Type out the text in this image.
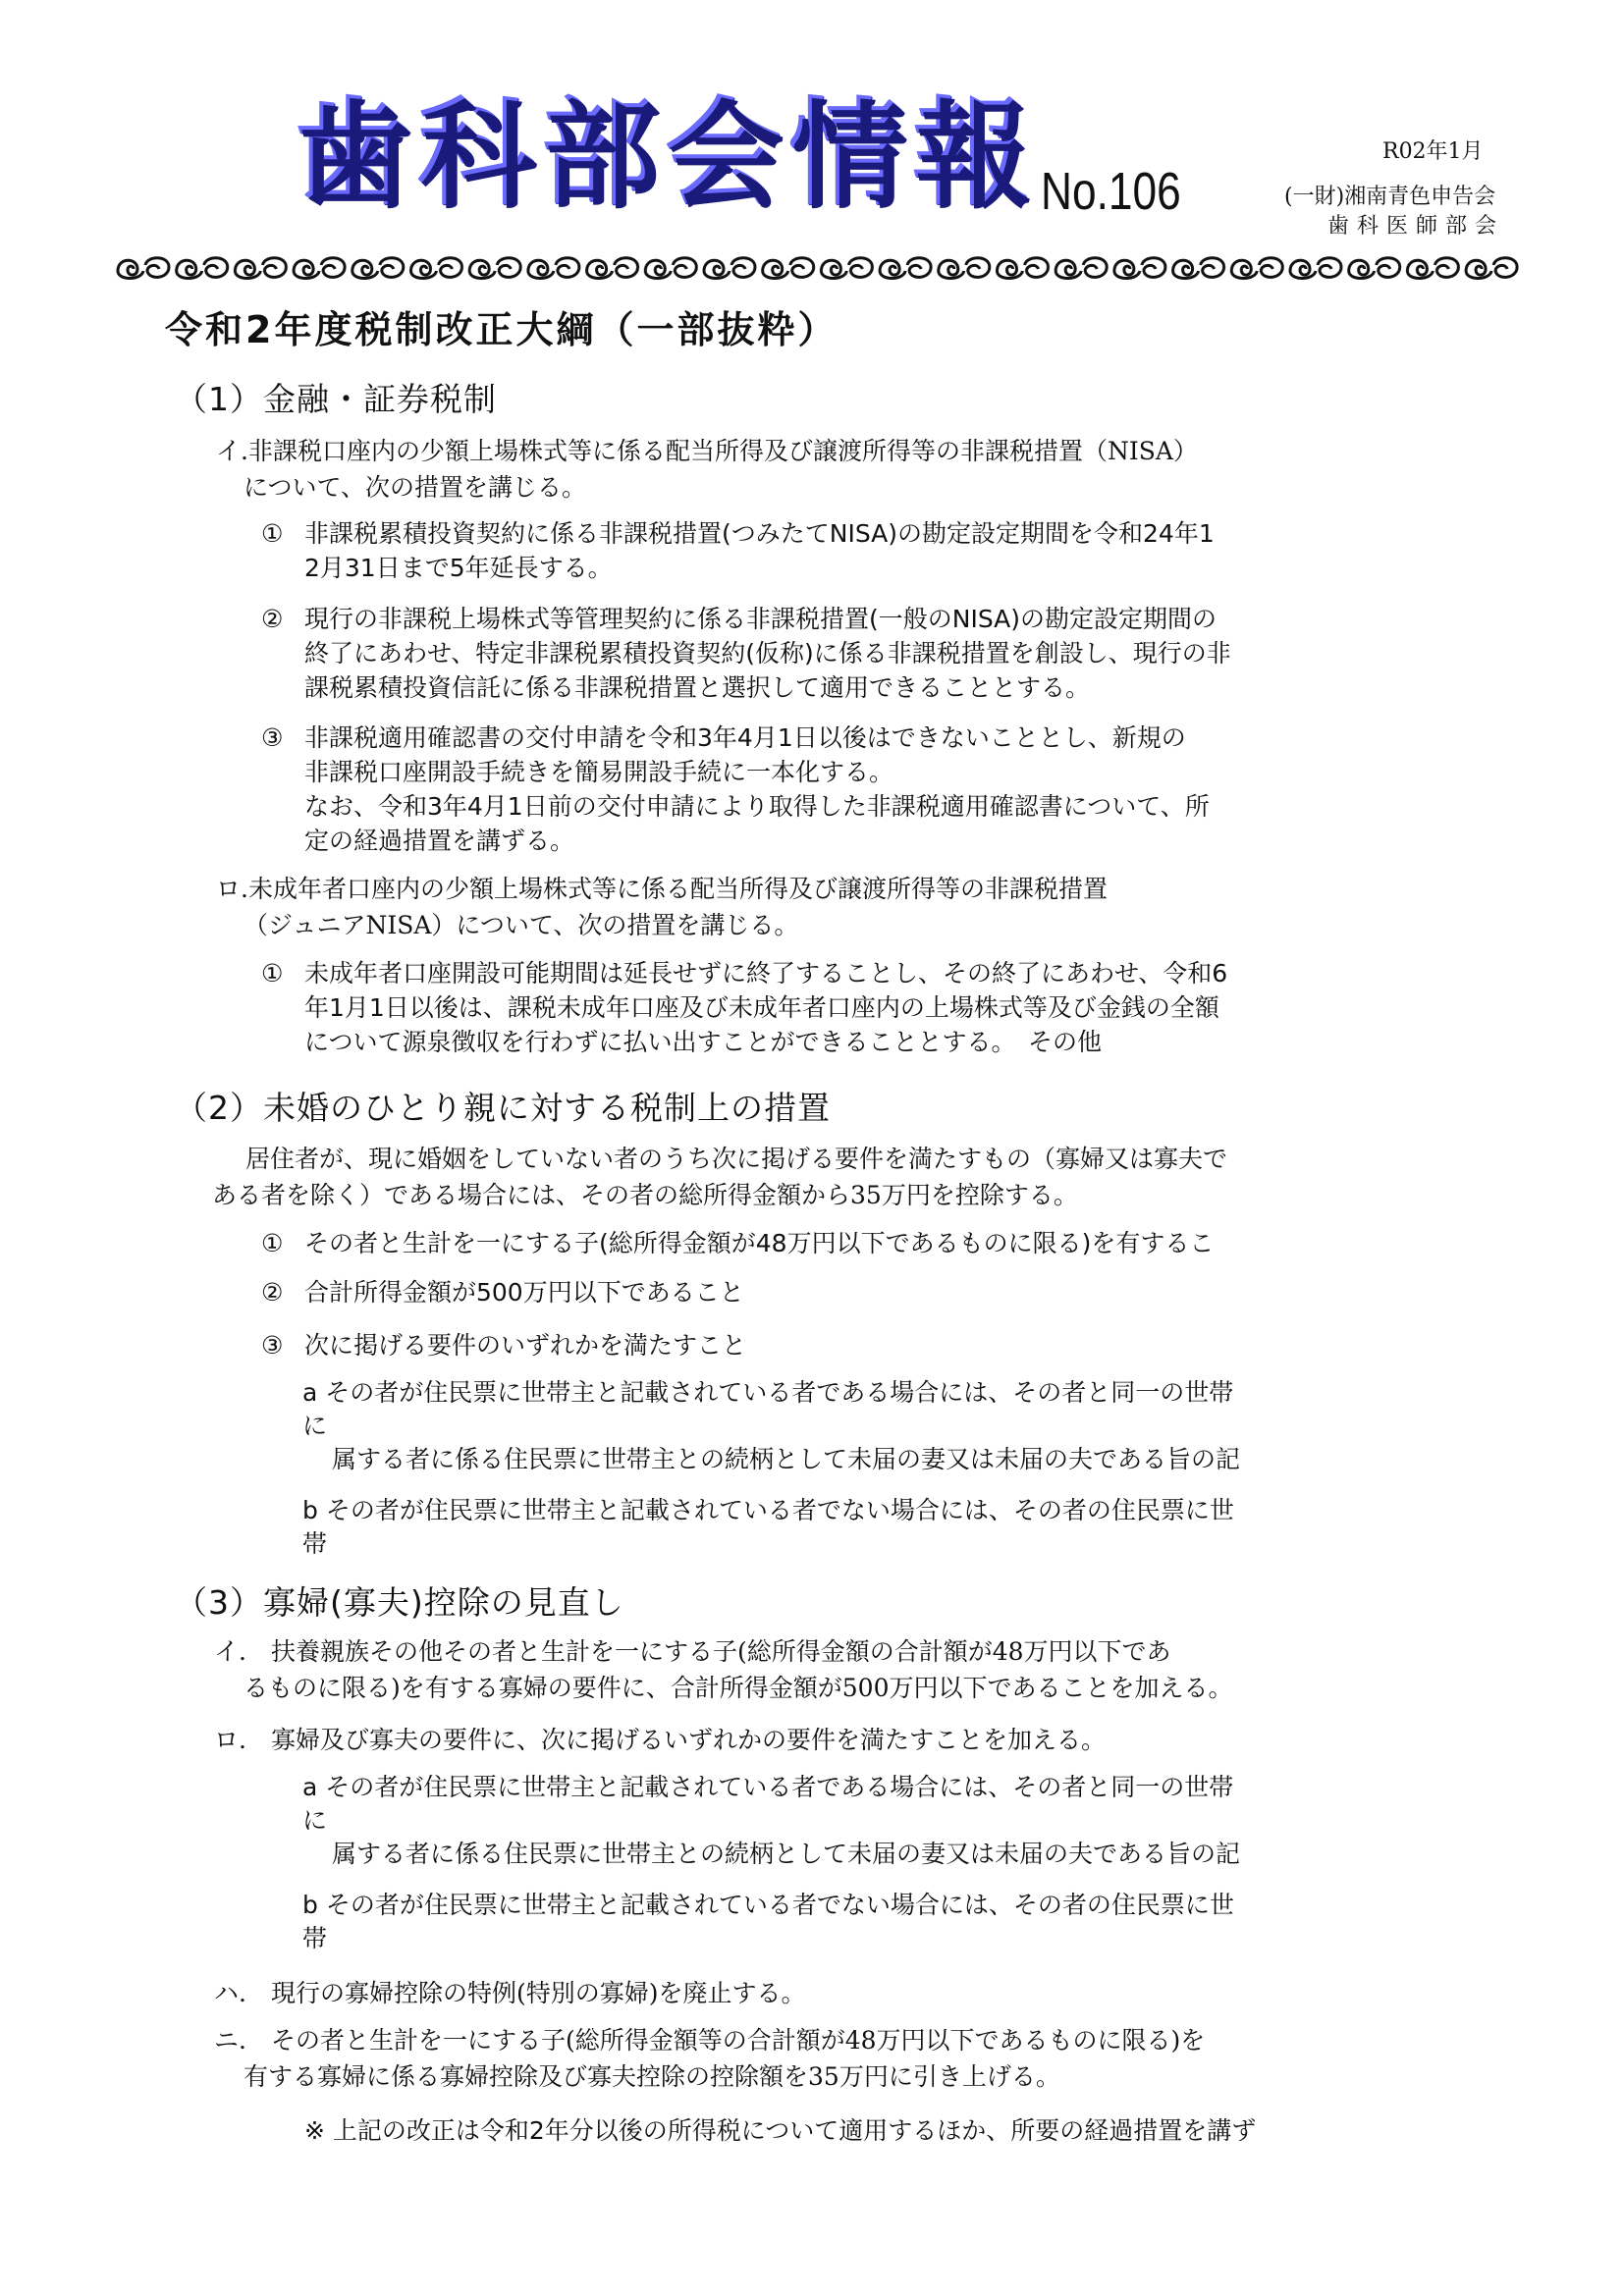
歯科部会情報 No.106
R02年1月
(一財)湘南青色申告会
歯科医師部会
令和2年度税制改正大綱（一部抜粋）
（1）金融・証券税制
イ.非課税口座内の少額上場株式等に係る配当所得及び譲渡所得等の非課税措置（NISA）
について、次の措置を講じる。
① 非課税累積投資契約に係る非課税措置(つみたてNISA)の勘定設定期間を令和24年1
2月31日まで5年延長する。
② 現行の非課税上場株式等管理契約に係る非課税措置(一般のNISA)の勘定設定期間の
終了にあわせ、特定非課税累積投資契約(仮称)に係る非課税措置を創設し、現行の非
課税累積投資信託に係る非課税措置と選択して適用できることとする。
③ 非課税適用確認書の交付申請を令和3年4月1日以後はできないこととし、新規の
非課税口座開設手続きを簡易開設手続に一本化する。
なお、令和3年4月1日前の交付申請により取得した非課税適用確認書について、所
定の経過措置を講ずる。
ロ.未成年者口座内の少額上場株式等に係る配当所得及び譲渡所得等の非課税措置
（ジュニアNISA）について、次の措置を講じる。
① 未成年者口座開設可能期間は延長せずに終了することし、その終了にあわせ、令和6
年1月1日以後は、課税未成年口座及び未成年者口座内の上場株式等及び金銭の全額
について源泉徴収を行わずに払い出すことができることとする。　その他
（2）未婚のひとり親に対する税制上の措置
居住者が、現に婚姻をしていない者のうち次に掲げる要件を満たすもの（寡婦又は寡夫で
ある者を除く）である場合には、その者の総所得金額から35万円を控除する。
① その者と生計を一にする子(総所得金額が48万円以下であるものに限る)を有するこ
② 合計所得金額が500万円以下であること
③ 次に掲げる要件のいずれかを満たすこと
a その者が住民票に世帯主と記載されている者である場合には、その者と同一の世帯
に
属する者に係る住民票に世帯主との続柄として未届の妻又は未届の夫である旨の記
b その者が住民票に世帯主と記載されている者でない場合には、その者の住民票に世
帯
（3）寡婦(寡夫)控除の見直し
イ.　扶養親族その他その者と生計を一にする子(総所得金額の合計額が48万円以下であ
るものに限る)を有する寡婦の要件に、合計所得金額が500万円以下であることを加える。
ロ.　寡婦及び寡夫の要件に、次に掲げるいずれかの要件を満たすことを加える。
a その者が住民票に世帯主と記載されている者である場合には、その者と同一の世帯
に
属する者に係る住民票に世帯主との続柄として未届の妻又は未届の夫である旨の記
b その者が住民票に世帯主と記載されている者でない場合には、その者の住民票に世
帯
ハ.　現行の寡婦控除の特例(特別の寡婦)を廃止する。
ニ.　その者と生計を一にする子(総所得金額等の合計額が48万円以下であるものに限る)を
有する寡婦に係る寡婦控除及び寡夫控除の控除額を35万円に引き上げる。
※ 上記の改正は令和2年分以後の所得税について適用するほか、所要の経過措置を講ず
